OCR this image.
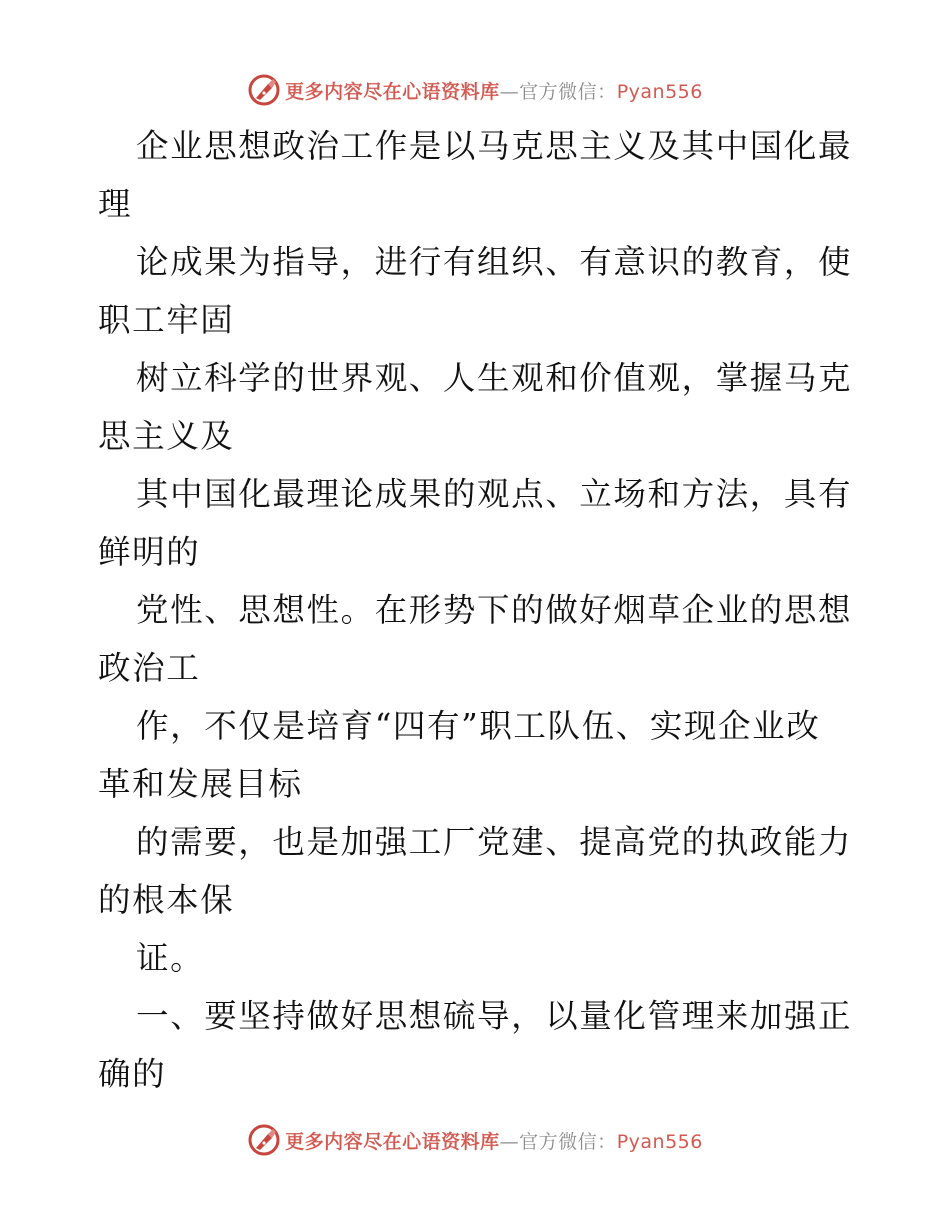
更多内容尽在心语资料库—官方微信：Pyan556
企业思想政治工作是以马克思主义及其中国化最
理
论成果为指导，进行有组织、有意识的教育，使
职工牢固
树立科学的世界观、人生观和价值观，掌握马克
思主义及
其中国化最理论成果的观点、立场和方法，具有
鲜明的
党性、思想性。在形势下的做好烟草企业的思想
政治工
作，不仅是培育“四有”职工队伍、实现企业改
革和发展目标
的需要，也是加强工厂党建、提高党的执政能力
的根本保
证。
一、要坚持做好思想硫导，以量化管理来加强正
确的
更多内容尽在心语资料库—官方微信：Pyan556
